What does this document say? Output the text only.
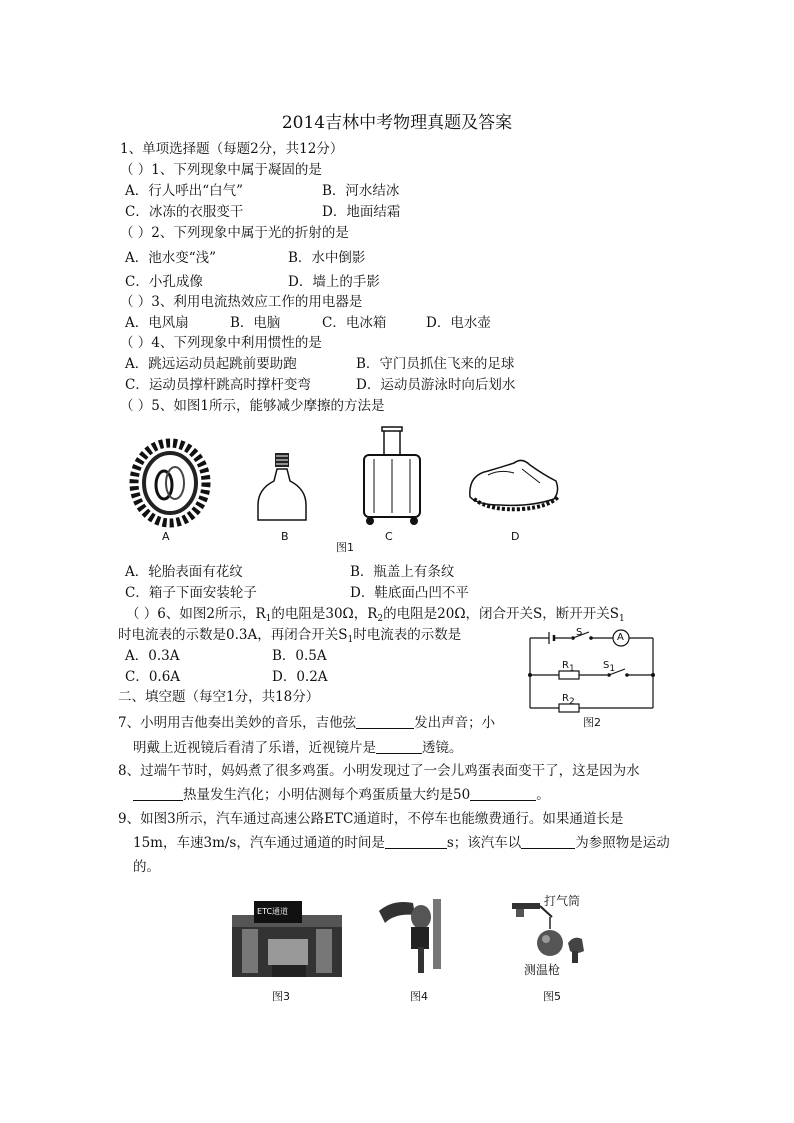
2014吉林中考物理真题及答案
1、单项选择题（每题2分，共12分）
（ ）1、下列现象中属于凝固的是
A．行人呼出“白气”	B．河水结冰
C．冰冻的衣服变干	D．地面结霜
（ ）2、下列现象中属于光的折射的是
A．池水变“浅”	B．水中倒影
C．小孔成像	D．墙上的手影
（ ）3、利用电流热效应工作的用电器是
A．电风扇	B．电脑	C．电冰箱	D．电水壶
（ ）4、下列现象中利用惯性的是
A．跳远运动员起跳前要助跑	B．守门员抓住飞来的足球
C．运动员撑杆跳高时撑杆变弯	D．运动员游泳时向后划水
（ ）5、如图1所示，能够减少摩擦的方法是
A	B	C	D
图1
A．轮胎表面有花纹	B．瓶盖上有条纹
C．箱子下面安装轮子	D．鞋底面凸凹不平
（ ）6、如图2所示，$R_1$的电阻是30Ω，$R_2$的电阻是20Ω，闭合开关S，断开开关$S_1$
时电流表的示数是0.3A，再闭合开关$S_1$时电流表的示数是
A．0.3A	B．0.5A
C．0.6A	D．0.2A
S	A
$R_1$	$S_1$
$R_2$
图2
二、填空题（每空1分，共18分）
7、小明用吉他奏出美妙的音乐，吉他弦	发出声音；小
明戴上近视镜后看清了乐谱，近视镜片是	透镜。
8、过端午节时，妈妈煮了很多鸡蛋。小明发现过了一会儿鸡蛋表面变干了，这是因为水
热量发生汽化；小明估测每个鸡蛋质量大约是50	。
9、如图3所示，汽车通过高速公路ETC通道时，不停车也能缴费通行。如果通道长是
15m，车速3m/s，汽车通过通道的时间是	s；该汽车以	为参照物是运动
的。
ETC通道
打气筒
测温枪
图3	图4	图5
